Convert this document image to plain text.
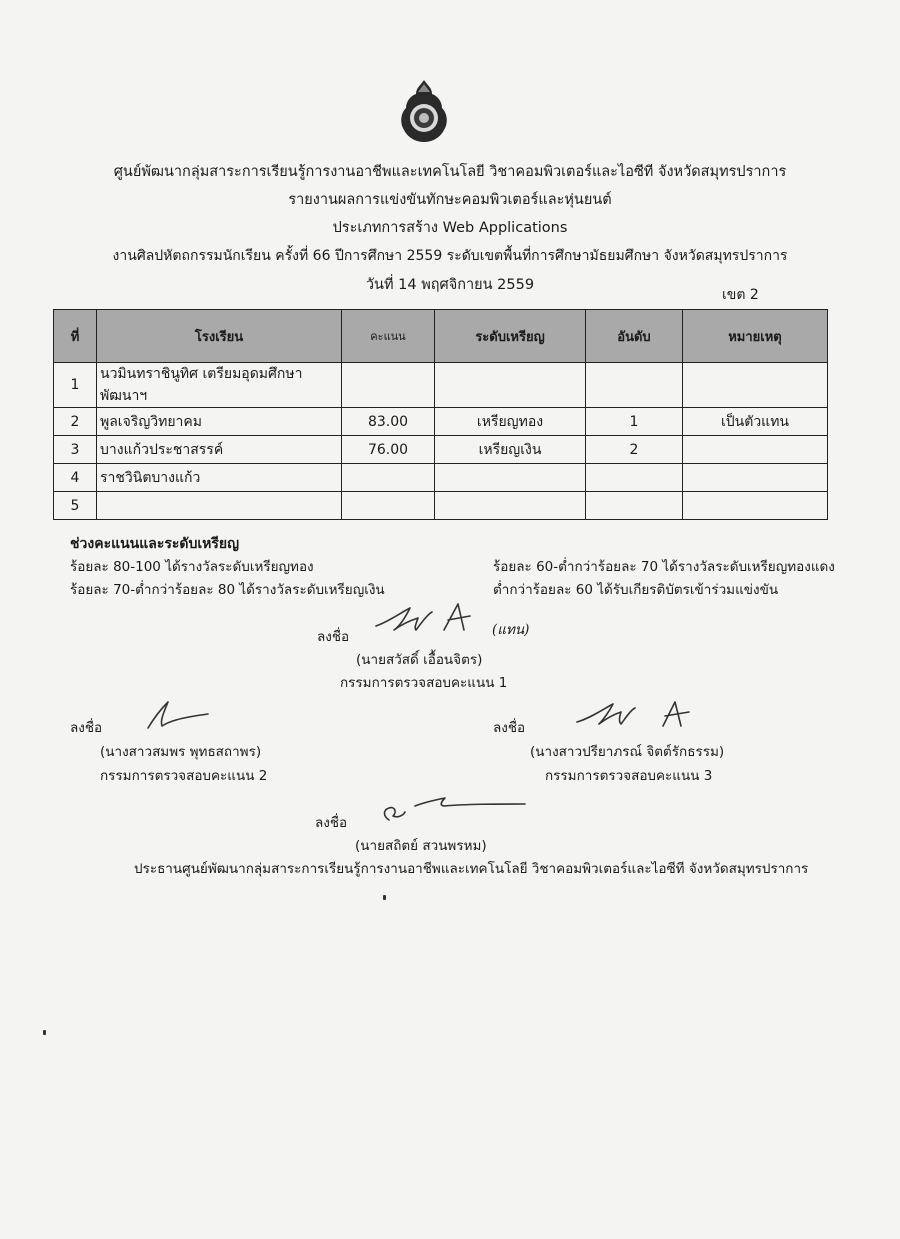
ศูนย์พัฒนากลุ่มสาระการเรียนรู้การงานอาชีพและเทคโนโลยี วิชาคอมพิวเตอร์และไอซีที จังหวัดสมุทรปราการ
รายงานผลการแข่งขันทักษะคอมพิวเตอร์และหุ่นยนต์
ประเภทการสร้าง Web Applications
งานศิลปหัตถกรรมนักเรียน ครั้งที่ 66 ปีการศึกษา 2559 ระดับเขตพื้นที่การศึกษามัธยมศึกษา จังหวัดสมุทรปราการ
วันที่ 14 พฤศจิกายน 2559
เขต 2
ที่	โรงเรียน	คะแนน	ระดับเหรียญ	อันดับ	หมายเหตุ
1	นวมินทราชินูทิศ เตรียมอุดมศึกษาพัฒนาฯ				
2	พูลเจริญวิทยาคม	83.00	เหรียญทอง	1	เป็นตัวแทน
3	บางแก้วประชาสรรค์	76.00	เหรียญเงิน	2	
4	ราชวินิตบางแก้ว				
5					
ช่วงคะแนนและระดับเหรียญ
ร้อยละ 80-100 ได้รางวัลระดับเหรียญทอง
ร้อยละ 70-ต่ำกว่าร้อยละ 80 ได้รางวัลระดับเหรียญเงิน
ร้อยละ 60-ต่ำกว่าร้อยละ 70 ได้รางวัลระดับเหรียญทองแดง
ต่ำกว่าร้อยละ 60 ได้รับเกียรติบัตรเข้าร่วมแข่งขัน
ลงชื่อ	(แทน)
(นายสวัสดิ์ เอื้อนจิตร)
กรรมการตรวจสอบคะแนน 1
ลงชื่อ
(นางสาวสมพร พุทธสถาพร)
กรรมการตรวจสอบคะแนน 2
ลงชื่อ
(นางสาวปรียาภรณ์ จิตต์รักธรรม)
กรรมการตรวจสอบคะแนน 3
ลงชื่อ
(นายสถิตย์ สวนพรหม)
ประธานศูนย์พัฒนากลุ่มสาระการเรียนรู้การงานอาชีพและเทคโนโลยี วิชาคอมพิวเตอร์และไอซีที จังหวัดสมุทรปราการ
